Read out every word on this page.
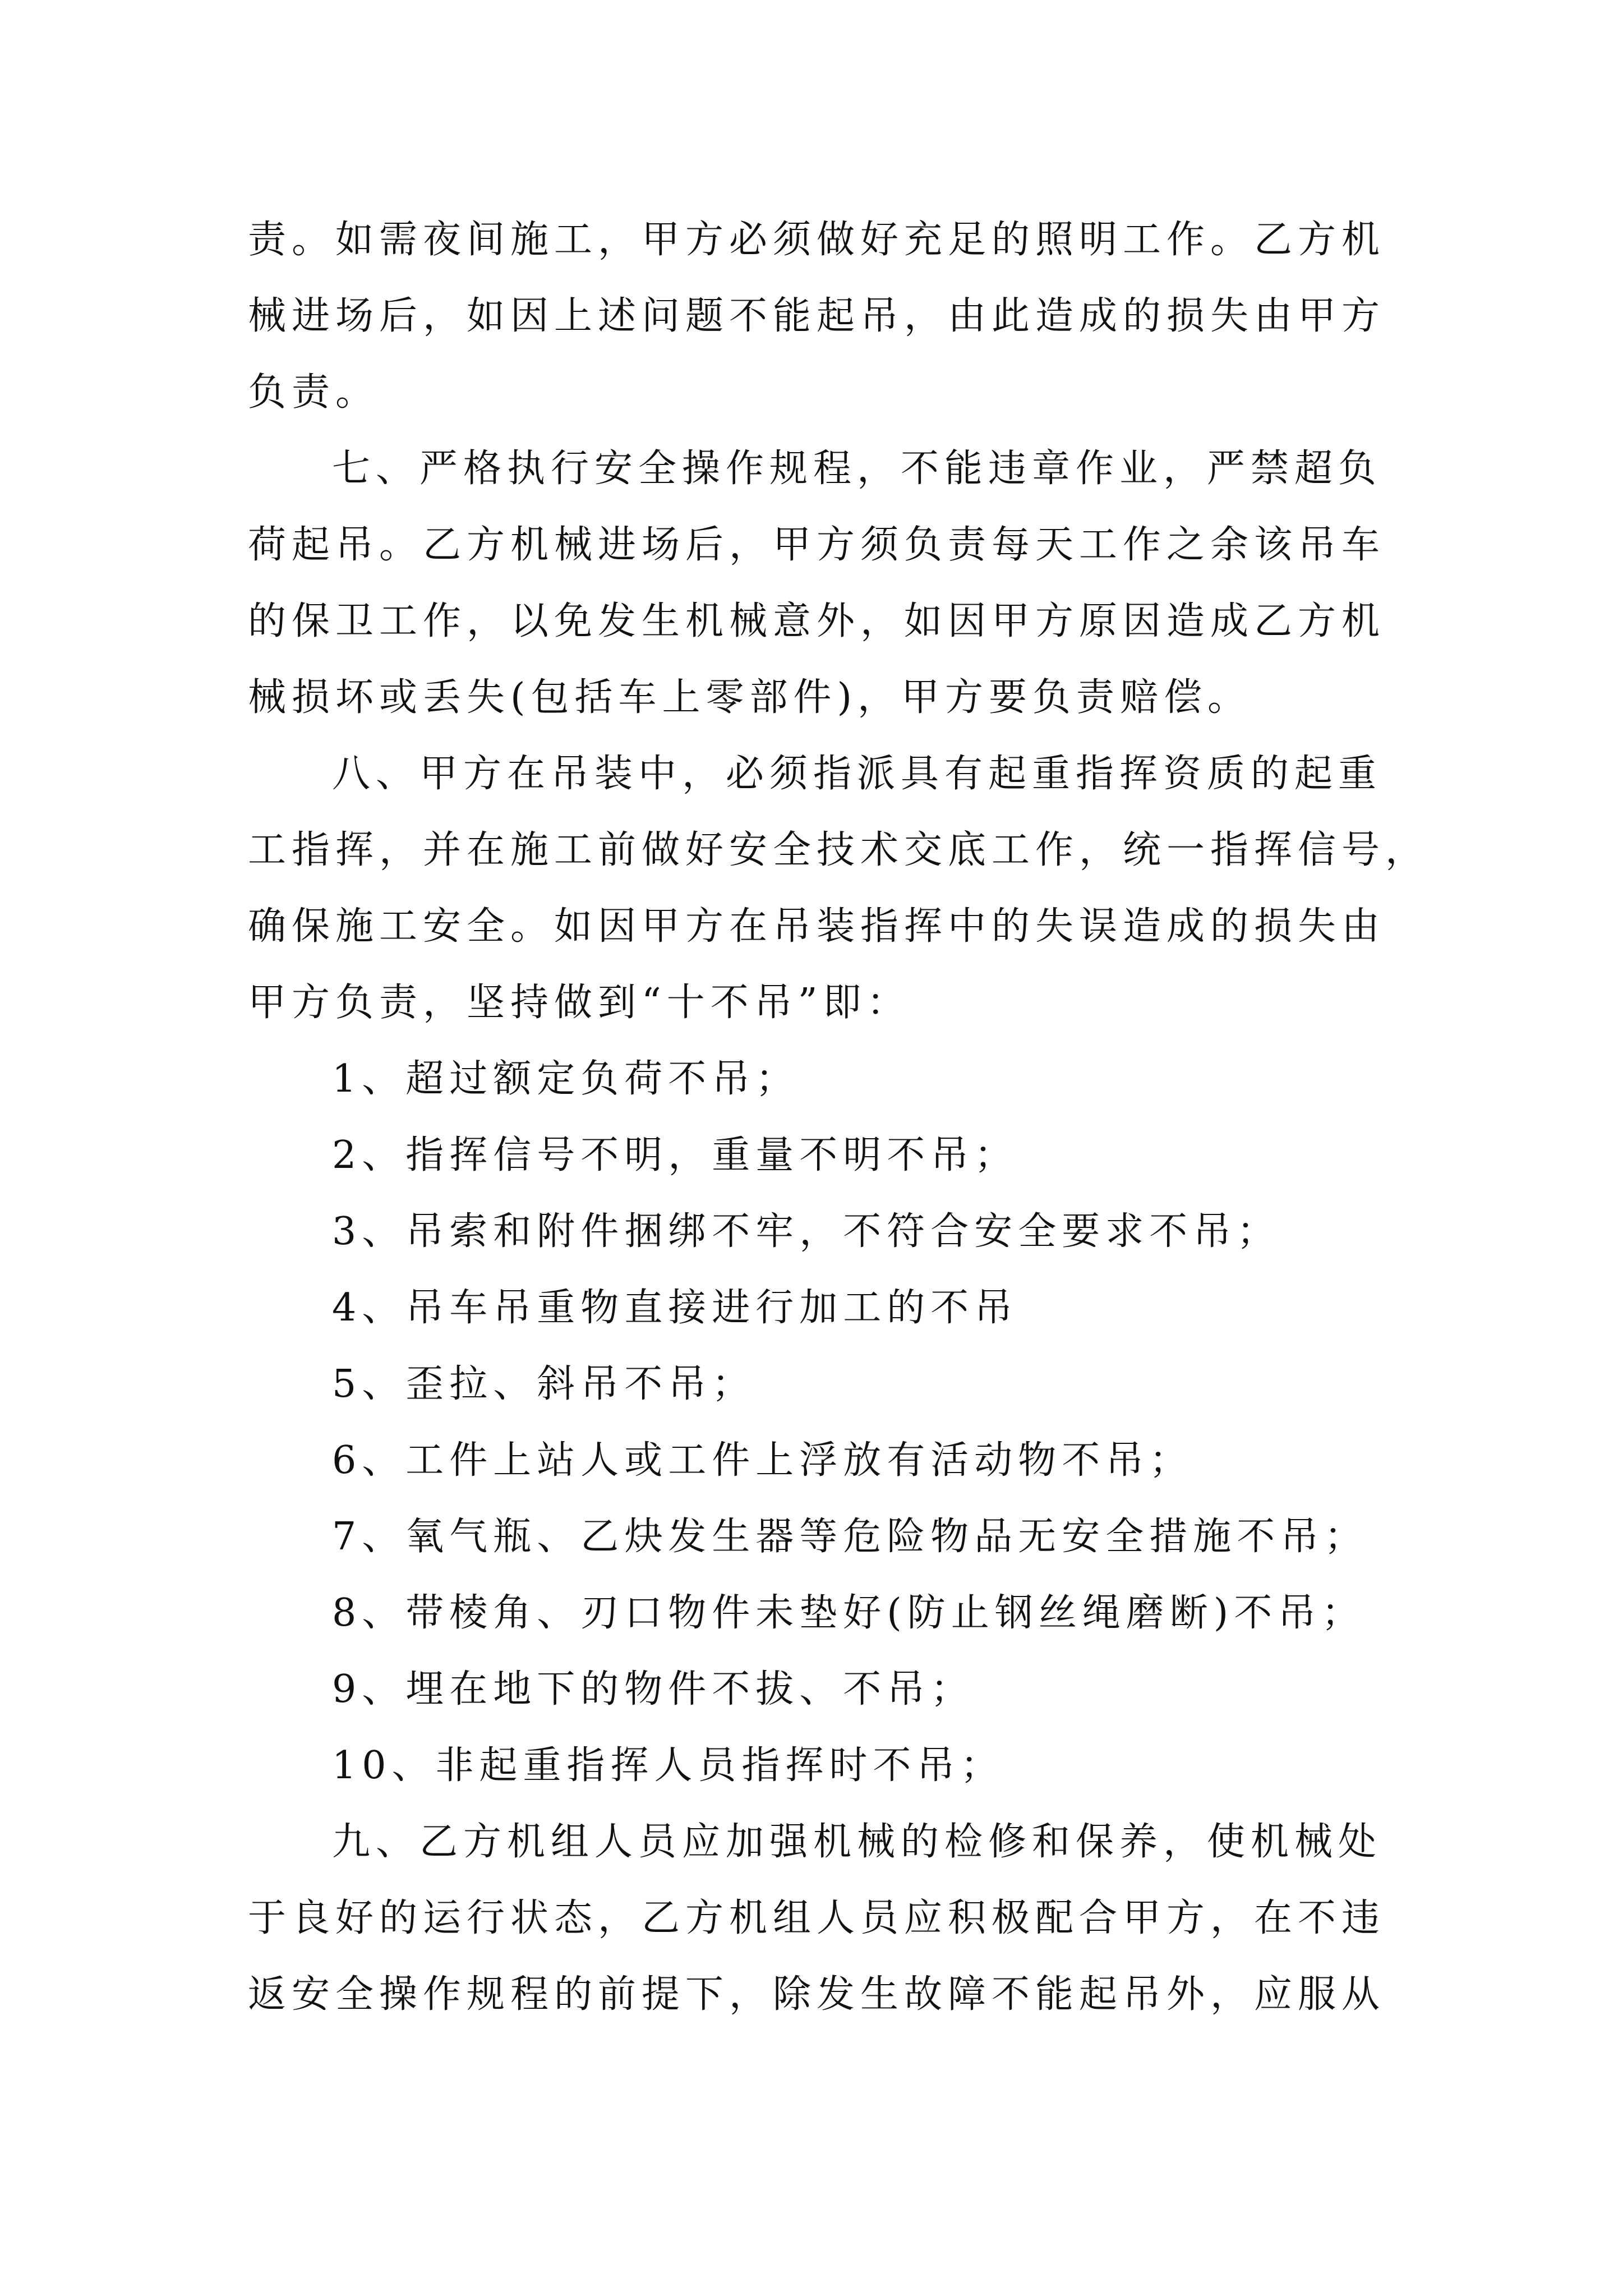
责。如需夜间施工，甲方必须做好充足的照明工作。乙方机
械进场后，如因上述问题不能起吊，由此造成的损失由甲方
负责。
七、严格执行安全操作规程，不能违章作业，严禁超负
荷起吊。乙方机械进场后，甲方须负责每天工作之余该吊车
的保卫工作，以免发生机械意外，如因甲方原因造成乙方机
械损坏或丢失(包括车上零部件)，甲方要负责赔偿。
八、甲方在吊装中，必须指派具有起重指挥资质的起重
工指挥，并在施工前做好安全技术交底工作，统一指挥信号，
确保施工安全。如因甲方在吊装指挥中的失误造成的损失由
甲方负责，坚持做到“十不吊”即：
1、超过额定负荷不吊；
2、指挥信号不明，重量不明不吊；
3、吊索和附件捆绑不牢，不符合安全要求不吊；
4、吊车吊重物直接进行加工的不吊
5、歪拉、斜吊不吊；
6、工件上站人或工件上浮放有活动物不吊；
7、氧气瓶、乙炔发生器等危险物品无安全措施不吊；
8、带棱角、刃口物件未垫好(防止钢丝绳磨断)不吊；
9、埋在地下的物件不拔、不吊；
10、非起重指挥人员指挥时不吊；
九、乙方机组人员应加强机械的检修和保养，使机械处
于良好的运行状态，乙方机组人员应积极配合甲方，在不违
返安全操作规程的前提下，除发生故障不能起吊外，应服从
